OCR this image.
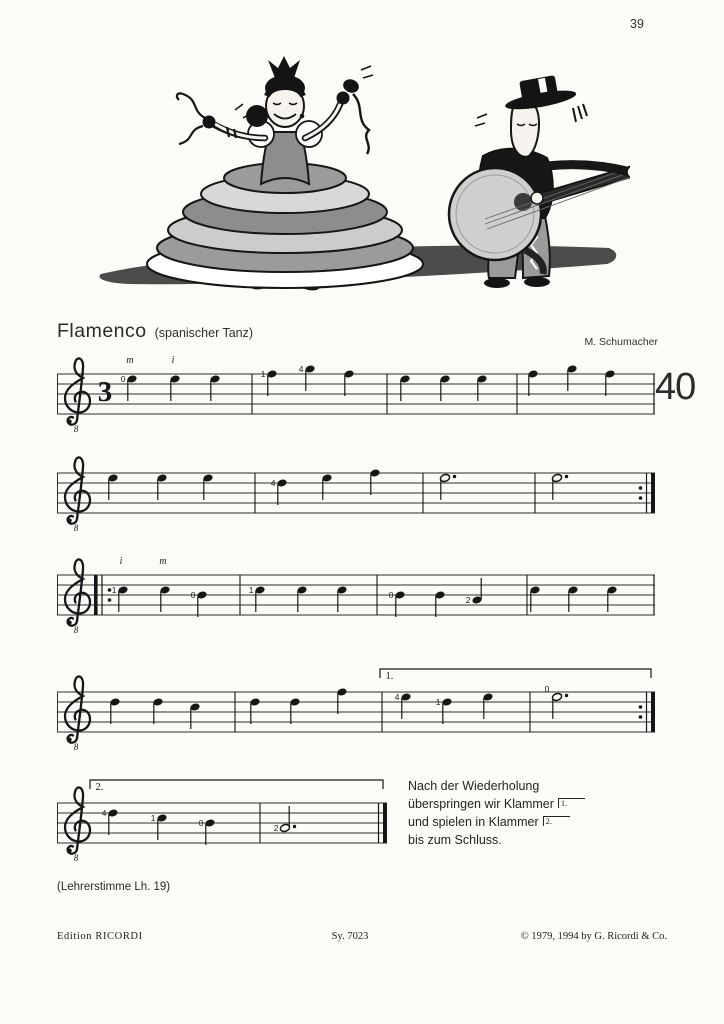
39
Flamenco (spanischer Tanz)
M. Schumacher
40
8
3 0
m	i
1	4
8
4
8
1
i	m
0	1	0	2
8
1.
4	1
0
8
2.
4	1	0	2
Nach der Wiederholung
überspringen wir Klammer 1.
und spielen in Klammer 2.
bis zum Schluss.
(Lehrerstimme Lh. 19)
Edition RICORDI	Sy. 7023	© 1979, 1994 by G. Ricordi & Co.
